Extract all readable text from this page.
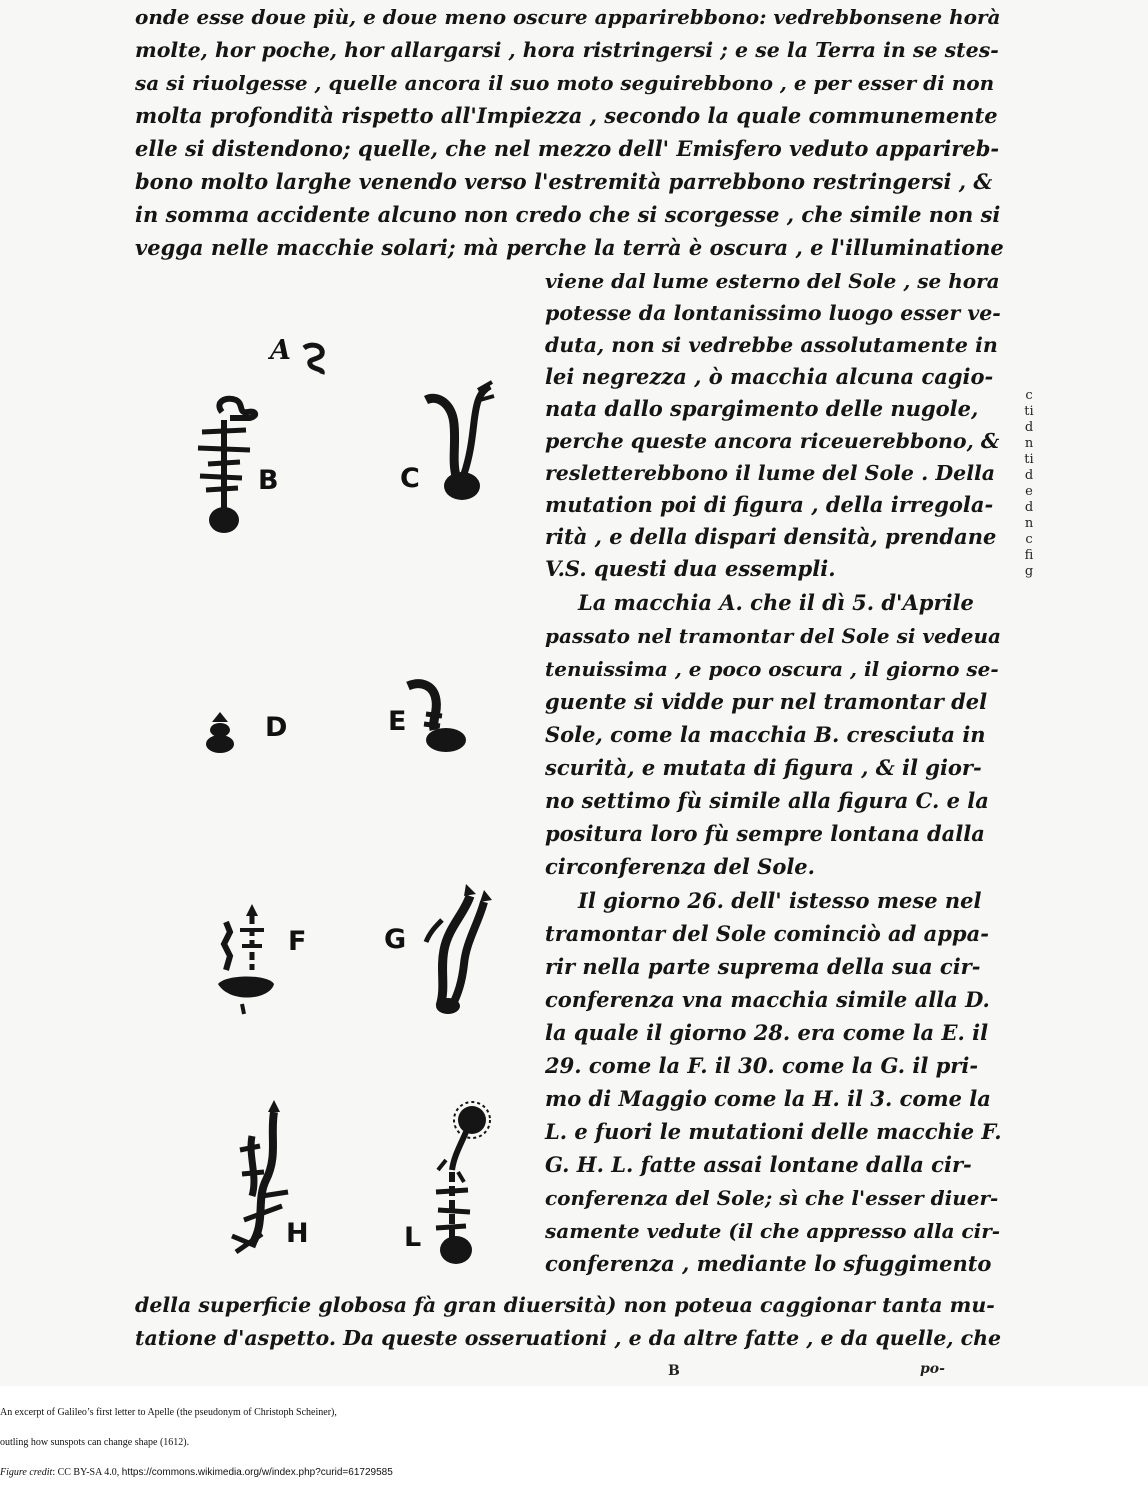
onde esse doue più, e doue meno oscure apparirebbono: vedrebbonsene horà

molte, hor poche, hor allargarsi , hora ristringersi ; e se la Terra in se stes-

sa si riuolgesse , quelle ancora il suo moto seguirebbono , e per esser di non

molta profondità rispetto all'Impiezza , secondo la quale communemente

elle si distendono; quelle, che nel mezzo dell' Emisfero veduto apparireb-

bono molto larghe venendo verso l'estremità parrebbono restringersi , &

in somma accidente alcuno non credo che si scorgesse , che simile non si

vegga nelle macchie solari; mà perche la terrà è oscura , e l'illuminatione

viene dal lume esterno del Sole , se hora

potesse da lontanissimo luogo esser ve-

duta, non si vedrebbe assolutamente in

lei negrezza , ò macchia alcuna cagio-

nata dallo spargimento delle nugole,

perche queste ancora riceuerebbono, &

resletterebbono il lume del Sole . Della

mutation poi di figura , della irregola-

rità , e della dispari densità, prendane

V.S. questi dua essempli.

La macchia A. che il dì 5. d'Aprile

passato nel tramontar del Sole si vedeua

tenuissima , e poco oscura , il giorno se-

guente si vidde pur nel tramontar del

Sole, come la macchia B. cresciuta in

scurità, e mutata di figura , & il gior-

no settimo fù simile alla figura C. e la

positura loro fù sempre lontana dalla

circonferenza del Sole.

Il giorno 26. dell' istesso mese nel

tramontar del Sole cominciò ad appa-

rir nella parte suprema della sua cir-

conferenza vna macchia simile alla D.

la quale il giorno 28. era come la E. il

29. come la F. il 30. come la G. il pri-

mo di Maggio come la H. il 3. come la

L. e fuori le mutationi delle macchie F.

G. H. L. fatte assai lontane dalla cir-

conferenza del Sole; sì che l'esser diuer-

samente vedute (il che appresso alla cir-

conferenza , mediante lo sfuggimento

della superficie globosa fà gran diuersità) non poteua caggionar tanta mu-

tatione d'aspetto. Da queste osseruationi , e da altre fatte , e da quelle, che

B	po-
c
ti
d
n
ti
d
e
d
n
c
fi
g
A
B	C
D	E
F	G
H	L

An excerpt of Galileo’s first letter to Apelle (the pseudonym of Christoph Scheiner),

outling how sunspots can change shape (1612).

Figure credit: CC BY-SA 4.0, https://commons.wikimedia.org/w/index.php?curid=61729585
